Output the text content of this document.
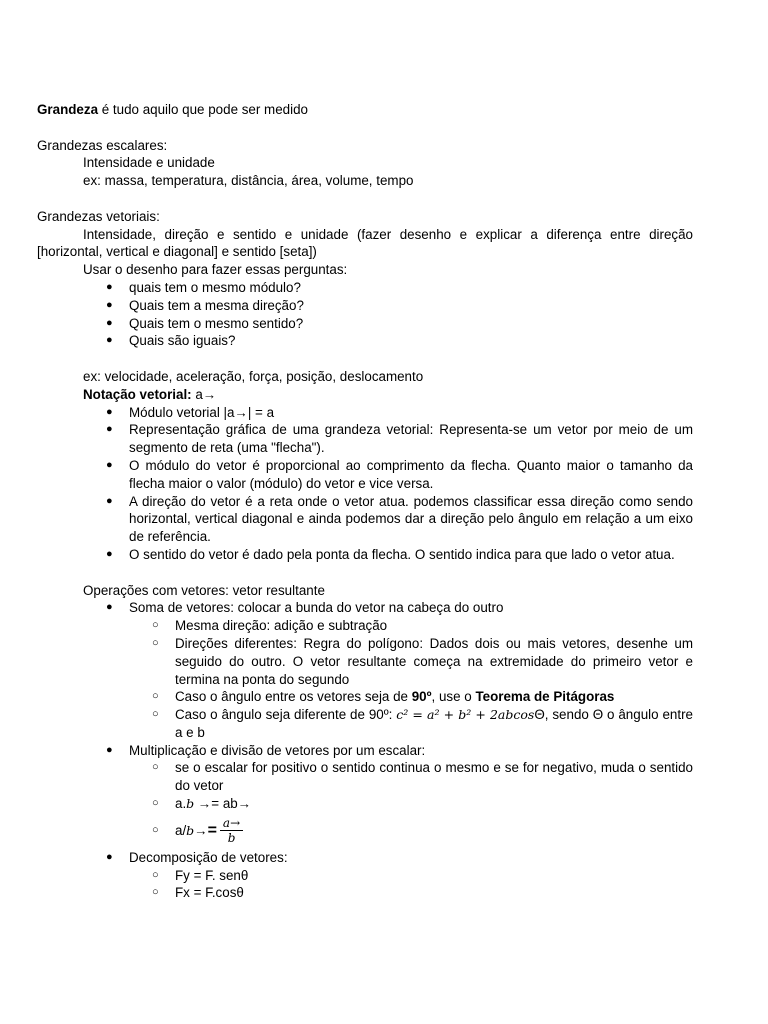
Grandeza é tudo aquilo que pode ser medido
Grandezas escalares:
Intensidade e unidade
ex: massa, temperatura, distância, área, volume, tempo
Grandezas vetoriais:
Intensidade, direção e sentido e unidade (fazer desenho e explicar a diferença entre direção
[horizontal, vertical e diagonal] e sentido [seta])
Usar o desenho para fazer essas perguntas:
● quais tem o mesmo módulo?
● Quais tem a mesma direção?
● Quais tem o mesmo sentido?
● Quais são iguais?
ex: velocidade, aceleração, força, posição, deslocamento
Notação vetorial: a→
● Módulo vetorial |a→| = a
● Representação gráfica de uma grandeza vetorial: Representa-se um vetor por meio de um segmento de reta (uma "flecha").
● O módulo do vetor é proporcional ao comprimento da flecha. Quanto maior o tamanho da flecha maior o valor (módulo) do vetor e vice versa.
● A direção do vetor é a reta onde o vetor atua. podemos classificar essa direção como sendo horizontal, vertical diagonal e ainda podemos dar a direção pelo ângulo em relação a um eixo de referência.
● O sentido do vetor é dado pela ponta da flecha. O sentido indica para que lado o vetor atua.
Operações com vetores: vetor resultante
● Soma de vetores: colocar a bunda do vetor na cabeça do outro
○ Mesma direção: adição e subtração
○ Direções diferentes: Regra do polígono: Dados dois ou mais vetores, desenhe um seguido do outro. O vetor resultante começa na extremidade do primeiro vetor e termina na ponta do segundo
○ Caso o ângulo entre os vetores seja de 90º, use o Teorema de Pitágoras
○ Caso o ângulo seja diferente de 90º: c² = a² + b² + 2abcosΘ, sendo Θ o ângulo entre a e b
● Multiplicação e divisão de vetores por um escalar:
○ se o escalar for positivo o sentido continua o mesmo e se for negativo, muda o sentido do vetor
○ a.b →= ab→
○ a/ b → = $\frac{a\to}{b}$
● Decomposição de vetores:
○ Fy = F. senθ
○ Fx = F.cosθ
